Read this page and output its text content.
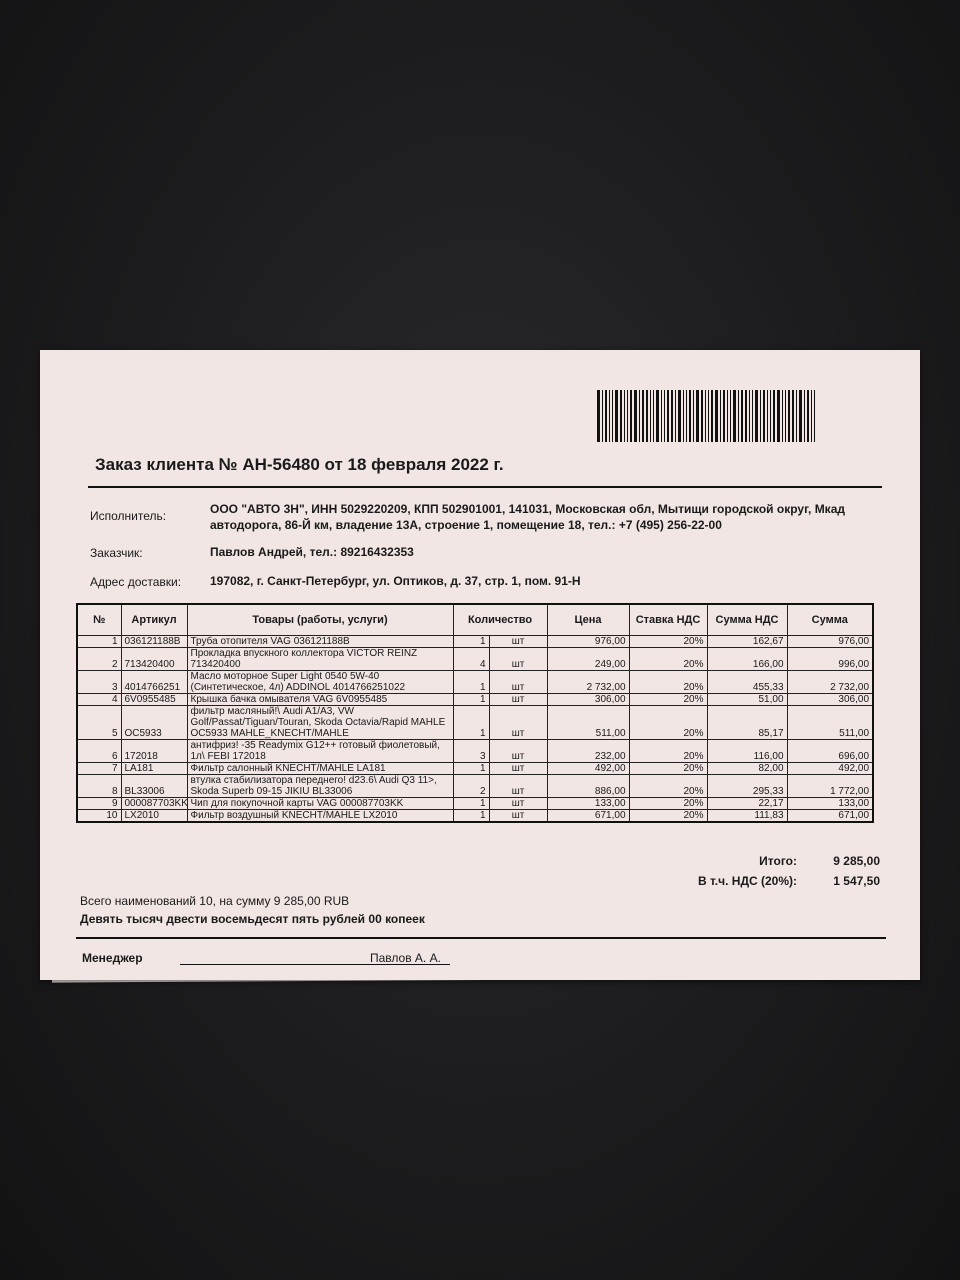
Заказ клиента № АН-56480 от 18 февраля 2022 г.
Исполнитель:	ООО "АВТО 3Н", ИНН 5029220209, КПП 502901001, 141031, Московская обл, Мытищи городской округ, Мкад автодорога, 86-Й км, владение 13А, строение 1, помещение 18, тел.: +7 (495) 256-22-00
Заказчик:	Павлов Андрей, тел.: 89216432353
Адрес доставки: 197082, г. Санкт-Петербург, ул. Оптиков, д. 37, стр. 1, пом. 91-Н
№	Артикул	Товары (работы, услуги)	Количество		Цена	Ставка НДС	Сумма НДС	Сумма
1	036121188B	Труба отопителя VAG 036121188B	1	шт	976,00	20%	162,67	976,00
2	713420400	Прокладка впускного коллектора VICTOR REINZ 713420400	4	шт	249,00	20%	166,00	996,00
3	4014766251	Масло моторное Super Light 0540 5W-40 (Синтетическое, 4л) ADDINOL 4014766251022	1	шт	2 732,00	20%	455,33	2 732,00
4	6V0955485	Крышка бачка омывателя VAG 6V0955485	1	шт	306,00	20%	51,00	306,00
5	OC5933	фильтр масляный!\ Audi A1/A3, VW Golf/Passat/Tiguan/Touran, Skoda Octavia/Rapid MAHLE OC5933 MAHLE_KNECHT/MAHLE	1	шт	511,00	20%	85,17	511,00
6	172018	антифриз! -35 Readymix G12++ готовый фиолетовый, 1л\ FEBI 172018	3	шт	232,00	20%	116,00	696,00
7	LA181	Фильтр салонный KNECHT/MAHLE LA181	1	шт	492,00	20%	82,00	492,00
8	BL33006	втулка стабилизатора переднего! d23.6\ Audi Q3 11>, Skoda Superb 09-15 JIKIU BL33006	2	шт	886,00	20%	295,33	1 772,00
9	000087703KK	Чип для покупочной карты VAG 000087703KK	1	шт	133,00	20%	22,17	133,00
10	LX2010	Фильтр воздушный KNECHT/MAHLE LX2010	1	шт	671,00	20%	111,83	671,00
Итого:	9 285,00
В т.ч. НДС (20%):	1 547,50
Всего наименований 10, на сумму 9 285,00 RUB
Девять тысяч двести восемьдесят пять рублей 00 копеек
Менеджер	Павлов А. А.
